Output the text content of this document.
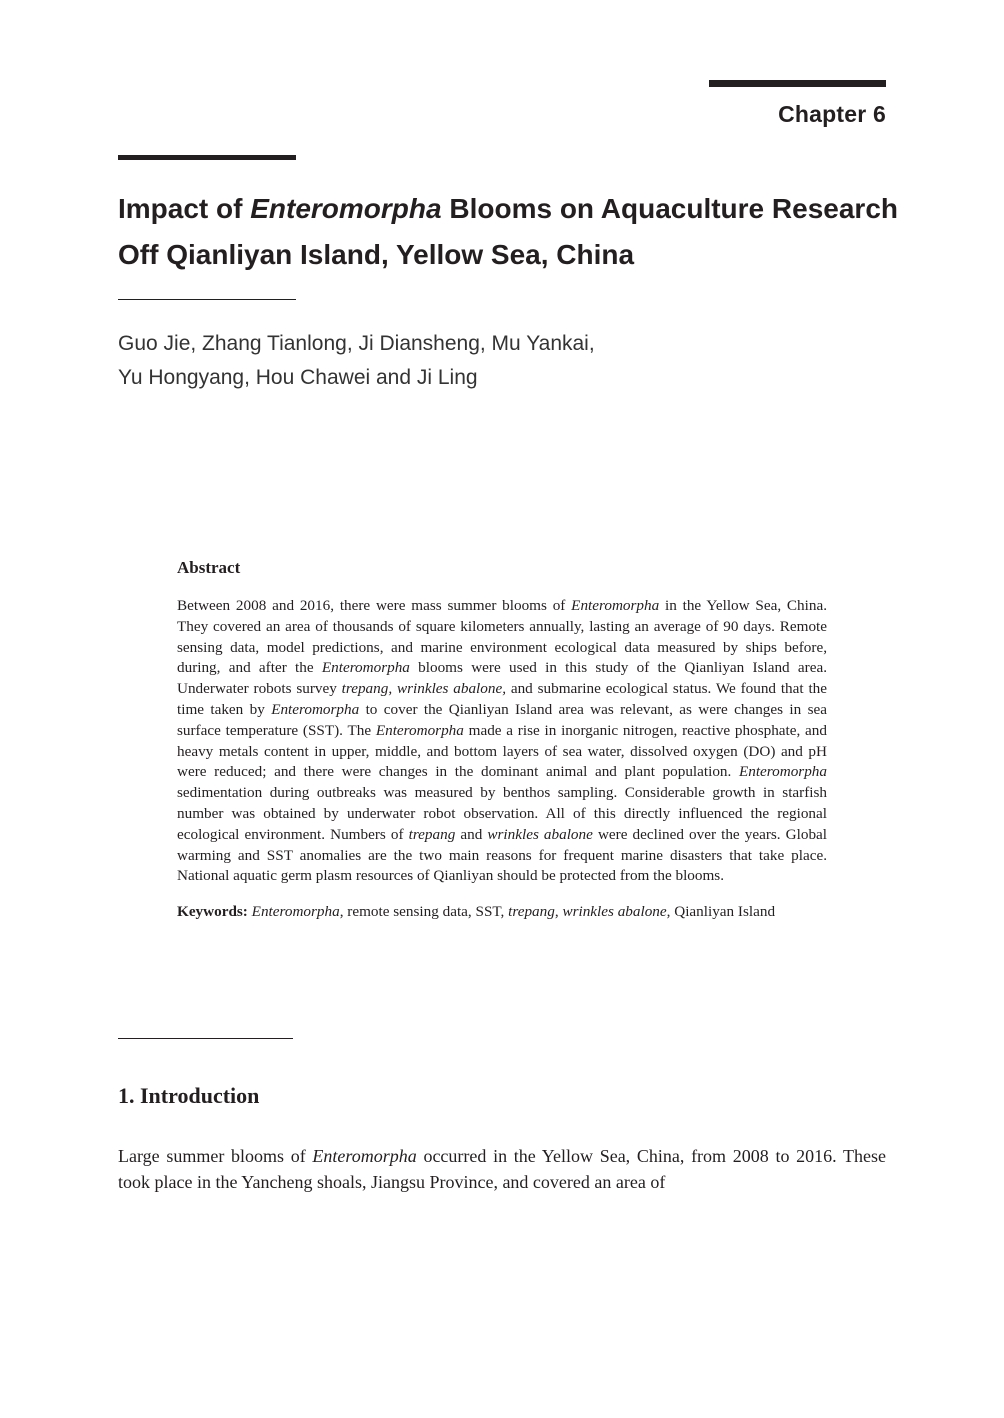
Chapter 6
Impact of Enteromorpha Blooms on Aquaculture Research Off Qianliyan Island, Yellow Sea, China

Guo Jie, Zhang Tianlong, Ji Diansheng, Mu Yankai,
Yu Hongyang, Hou Chawei and Ji Ling

Abstract

Between 2008 and 2016, there were mass summer blooms of Enteromorpha in the Yellow Sea, China. They covered an area of thousands of square kilometers annually, lasting an average of 90 days. Remote sensing data, model predictions, and marine environment ecological data measured by ships before, during, and after the Enteromorpha blooms were used in this study of the Qianliyan Island area. Underwater robots survey trepang, wrinkles abalone, and submarine ecological status. We found that the time taken by Enteromorpha to cover the Qianliyan Island area was relevant, as were changes in sea surface temperature (SST). The Enteromorpha made a rise in inorganic nitrogen, reactive phosphate, and heavy metals content in upper, middle, and bottom layers of sea water, dissolved oxygen (DO) and pH were reduced; and there were changes in the dominant animal and plant population. Enteromorpha sedimentation during outbreaks was measured by benthos sampling. Considerable growth in starfish number was obtained by underwater robot observation. All of this directly influenced the regional ecological environment. Numbers of trepang and wrinkles abalone were declined over the years. Global warming and SST anomalies are the two main reasons for frequent marine disasters that take place. National aquatic germ plasm resources of Qianliyan should be protected from the blooms.

Keywords: Enteromorpha, remote sensing data, SST, trepang, wrinkles abalone, Qianliyan Island

1. Introduction

Large summer blooms of Enteromorpha occurred in the Yellow Sea, China, from 2008 to 2016. These took place in the Yancheng shoals, Jiangsu Province, and covered an area of
